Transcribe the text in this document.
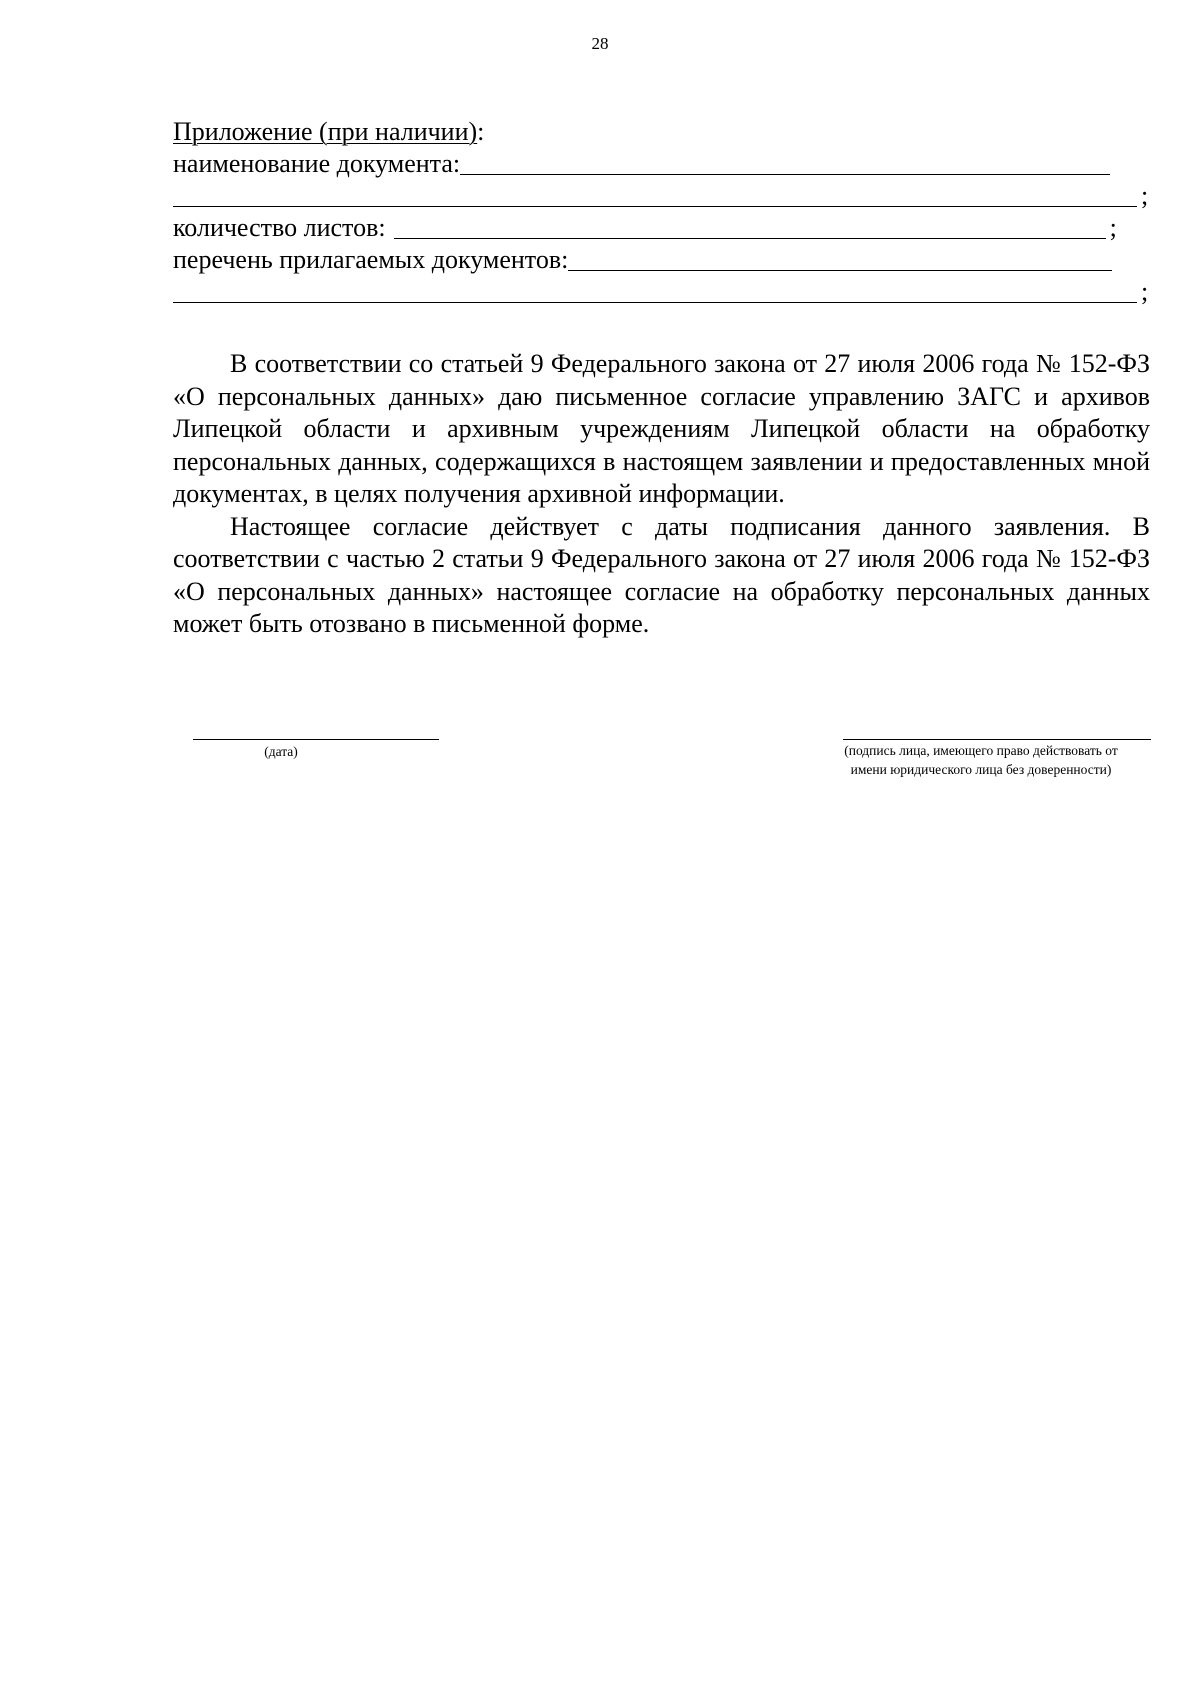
28
Приложение (при наличии) :
наименование документа:
;
количество листов:	;
перечень прилагаемых документов:
;

В соответствии со статьей 9 Федерального закона от 27 июля 2006 года № 152-ФЗ «О персональных данных» даю письменное согласие управлению ЗАГС и архивов Липецкой области и архивным учреждениям Липецкой области на обработку персональных данных, содержащихся в настоящем заявлении и предоставленных мной документах, в целях получения архивной информации.

Настоящее согласие действует с даты подписания данного заявления. В соответствии с частью 2 статьи 9 Федерального закона от 27 июля 2006 года № 152-ФЗ «О персональных данных» настоящее согласие на обработку персональных данных может быть отозвано в письменной форме.

(дата)	(подпись лица, имеющего право действовать от
имени юридического лица без доверенности)
